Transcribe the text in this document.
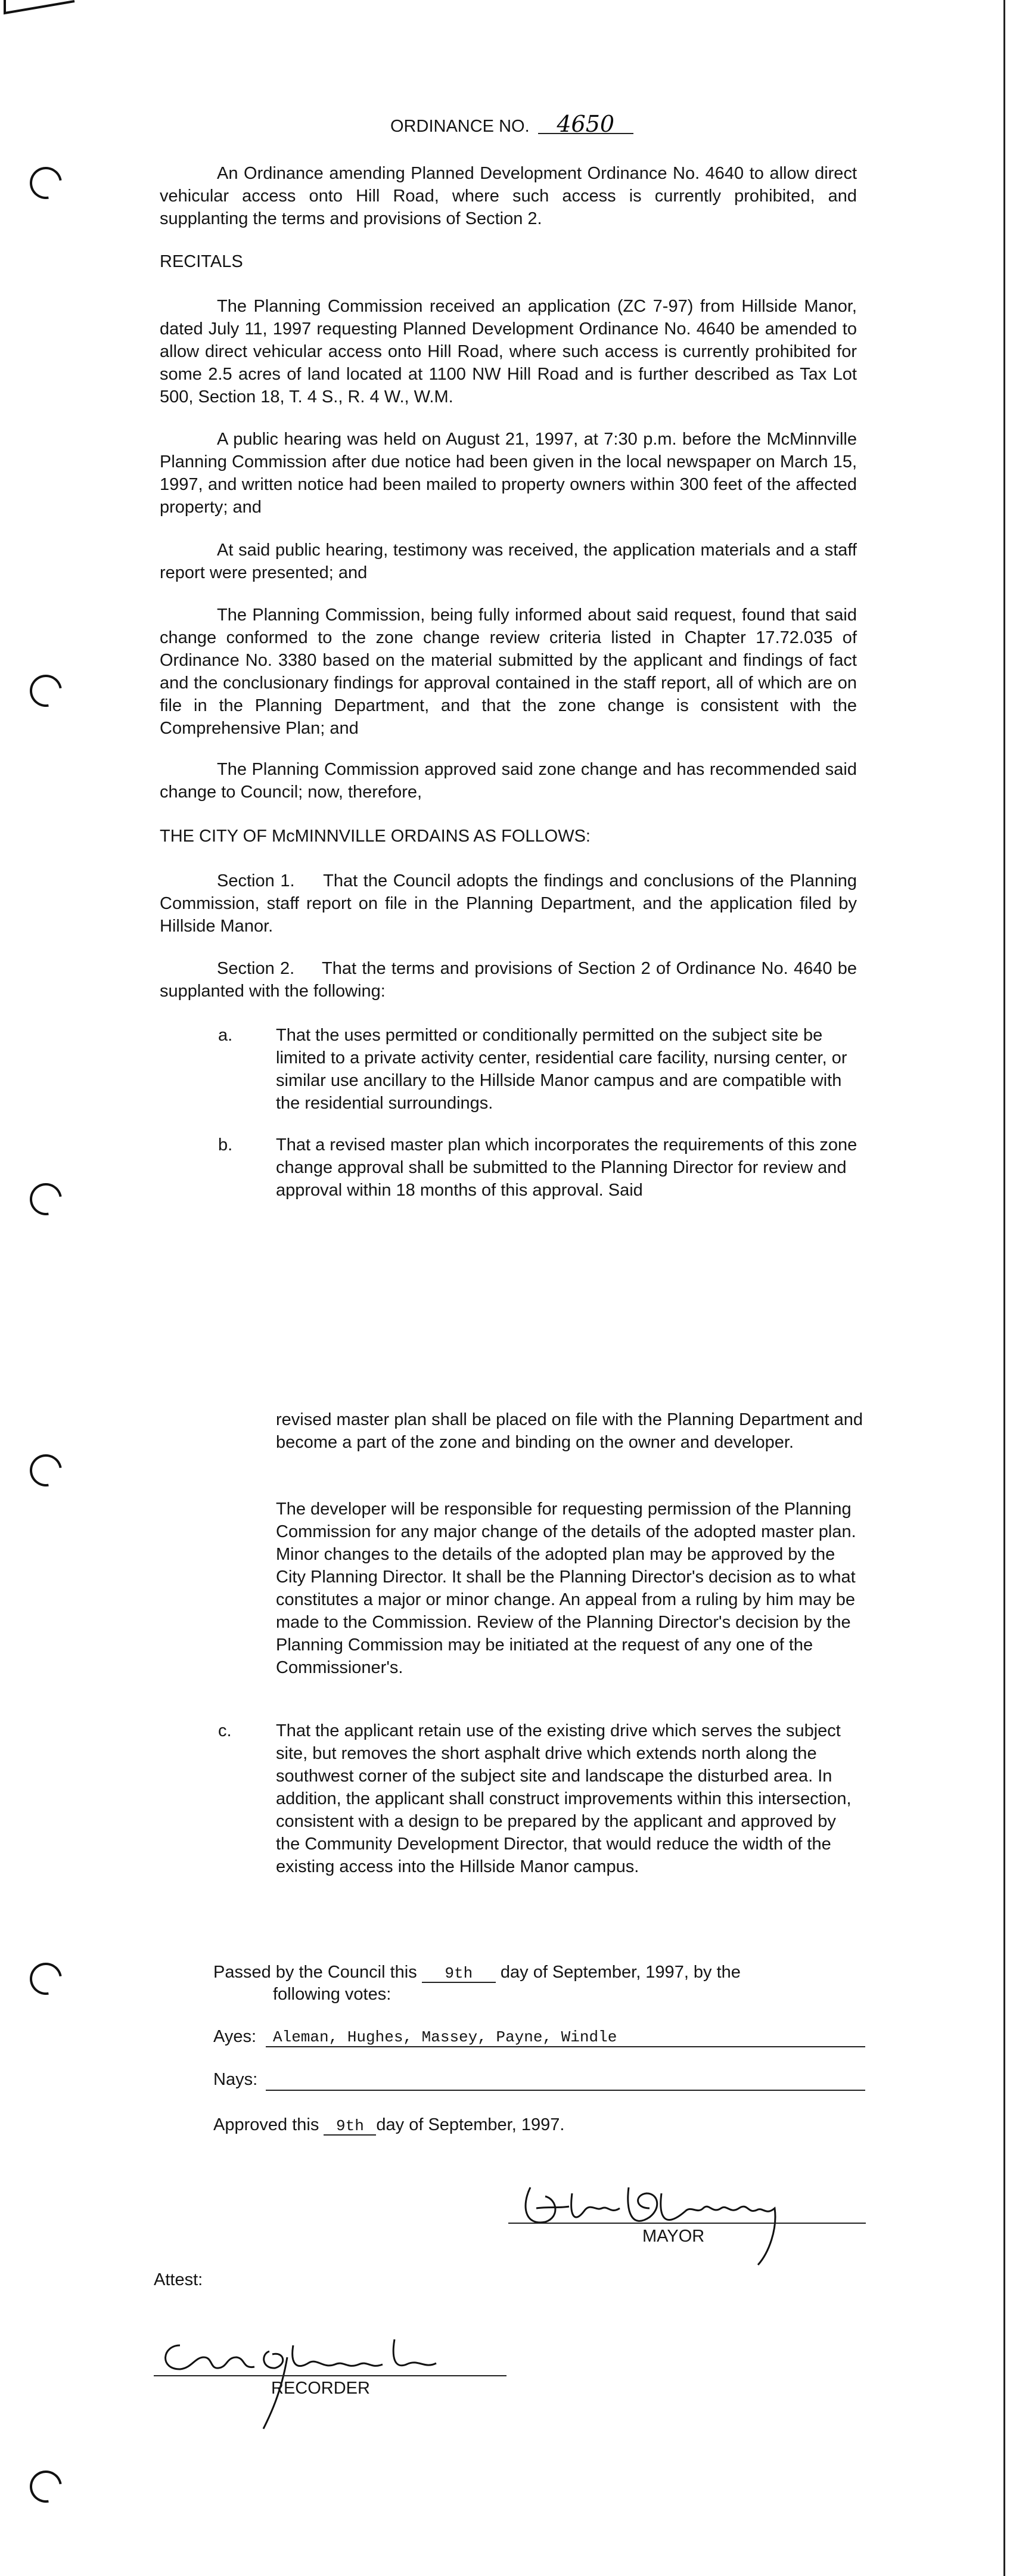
ORDINANCE NO. 4650
An Ordinance amending Planned Development Ordinance No. 4640 to allow direct vehicular access onto Hill Road, where such access is currently prohibited, and supplanting the terms and provisions of Section 2.
RECITALS
The Planning Commission received an application (ZC 7-97) from Hillside Manor, dated July 11, 1997 requesting Planned Development Ordinance No. 4640 be amended to allow direct vehicular access onto Hill Road, where such access is currently prohibited for some 2.5 acres of land located at 1100 NW Hill Road and is further described as Tax Lot 500, Section 18, T. 4 S., R. 4 W., W.M.
A public hearing was held on August 21, 1997, at 7:30 p.m. before the McMinnville Planning Commission after due notice had been given in the local newspaper on March 15, 1997, and written notice had been mailed to property owners within 300 feet of the affected property; and
At said public hearing, testimony was received, the application materials and a staff report were presented; and
The Planning Commission, being fully informed about said request, found that said change conformed to the zone change review criteria listed in Chapter 17.72.035 of Ordinance No. 3380 based on the material submitted by the applicant and findings of fact and the conclusionary findings for approval contained in the staff report, all of which are on file in the Planning Department, and that the zone change is consistent with the Comprehensive Plan; and
The Planning Commission approved said zone change and has recommended said change to Council; now, therefore,
THE CITY OF McMINNVILLE ORDAINS AS FOLLOWS:
Section 1.     That the Council adopts the findings and conclusions of the Planning Commission, staff report on file in the Planning Department, and the application filed by Hillside Manor.
Section 2.     That the terms and provisions of Section 2 of Ordinance No. 4640 be supplanted with the following:
a.	That the uses permitted or conditionally permitted on the subject site be limited to a private activity center, residential care facility, nursing center, or similar use ancillary to the Hillside Manor campus and are compatible with the residential surroundings.
b.	That a revised master plan which incorporates the requirements of this zone change approval shall be submitted to the Planning Director for review and approval within 18 months of this approval. Said
revised master plan shall be placed on file with the Planning Department and become a part of the zone and binding on the owner and developer.
The developer will be responsible for requesting permission of the Planning Commission for any major change of the details of the adopted master plan. Minor changes to the details of the adopted plan may be approved by the City Planning Director. It shall be the Planning Director's decision as to what constitutes a major or minor change. An appeal from a ruling by him may be made to the Commission. Review of the Planning Director's decision by the Planning Commission may be initiated at the request of any one of the Commissioner's.
c.	That the applicant retain use of the existing drive which serves the subject site, but removes the short asphalt drive which extends north along the southwest corner of the subject site and landscape the disturbed area. In addition, the applicant shall construct improvements within this intersection, consistent with a design to be prepared by the applicant and approved by the Community Development Director, that would reduce the width of the existing access into the Hillside Manor campus.
Passed by the Council this 9th day of September, 1997, by the
following votes:
Ayes: Aleman, Hughes, Massey, Payne, Windle
Nays:
Approved this 9th day of September, 1997.
MAYOR
Attest:
RECORDER
